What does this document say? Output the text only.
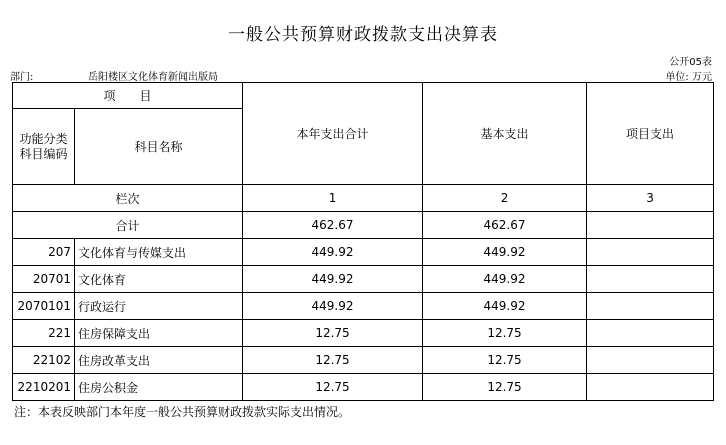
一般公共预算财政拨款支出决算表
公开05表
部门:	岳阳楼区文化体育新闻出版局	单位: 万元
项　　目		本年支出合计	基本支出	项目支出
功能分类科目编码	科目名称			
栏次		1	2	3
合计		462.67	462.67	
207	文化体育与传媒支出	449.92	449.92	
20701	文化体育	449.92	449.92	
2070101	行政运行	449.92	449.92	
221	住房保障支出	12.75	12.75	
22102	住房改革支出	12.75	12.75	
2210201	住房公积金	12.75	12.75	
注：本表反映部门本年度一般公共预算财政拨款实际支出情况。
